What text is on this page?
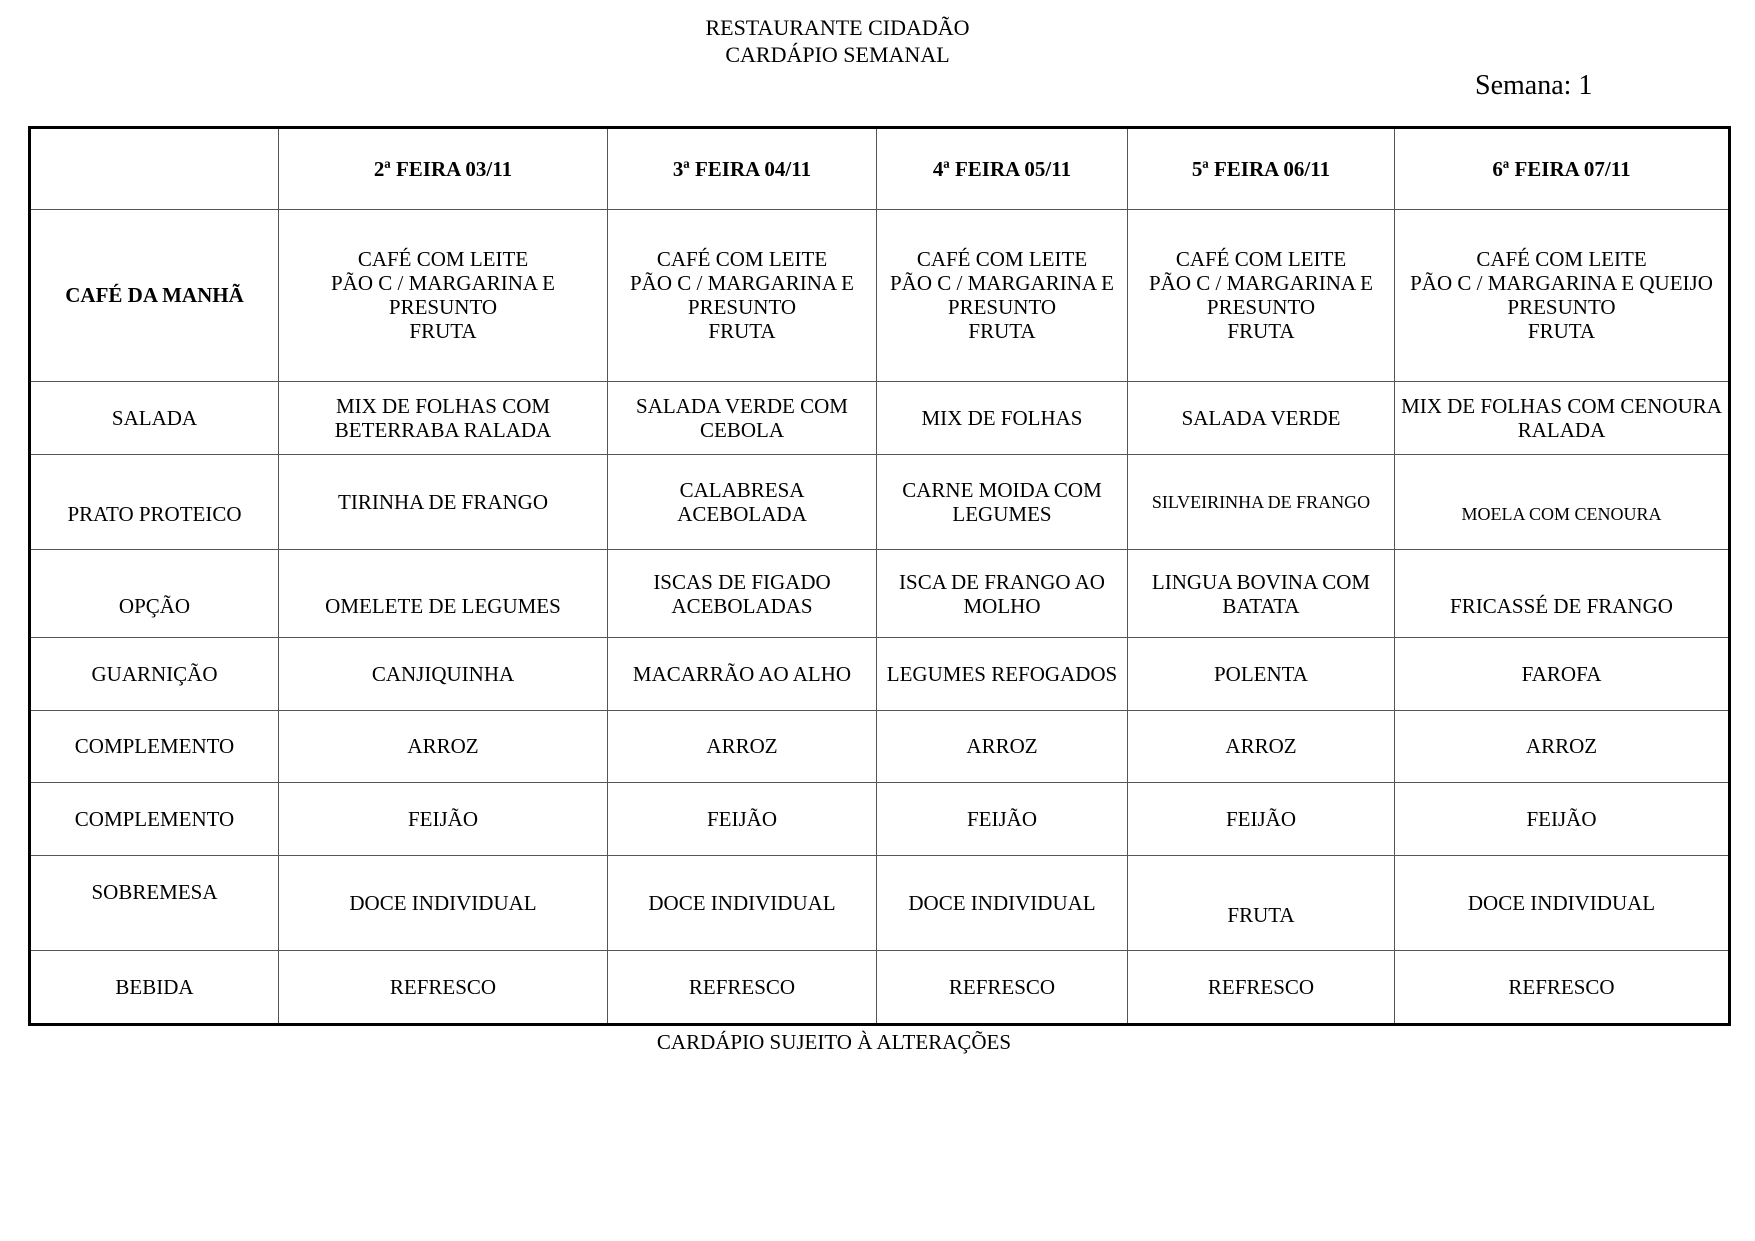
RESTAURANTE CIDADÃO
CARDÁPIO SEMANAL
Semana: 1
	2ª FEIRA 03/11	3ª FEIRA 04/11	4ª FEIRA 05/11	5ª FEIRA 06/11	6ª FEIRA 07/11
CAFÉ DA MANHÃ	CAFÉ COM LEITE
PÃO C / MARGARINA E
PRESUNTO
FRUTA	CAFÉ COM LEITE
PÃO C / MARGARINA E
PRESUNTO
FRUTA	CAFÉ COM LEITE
PÃO C / MARGARINA E
PRESUNTO
FRUTA	CAFÉ COM LEITE
PÃO C / MARGARINA E
PRESUNTO
FRUTA	CAFÉ COM LEITE
PÃO C / MARGARINA E QUEIJO
PRESUNTO
FRUTA

SALADA	MIX DE FOLHAS COM
BETERRABA RALADA	SALADA VERDE COM
CEBOLA	MIX DE FOLHAS	SALADA VERDE	MIX DE FOLHAS COM CENOURA
RALADA

PRATO PROTEICO	TIRINHA DE FRANGO	CALABRESA
ACEBOLADA	CARNE MOIDA COM
LEGUMES	SILVEIRINHA DE FRANGO	MOELA COM CENOURA

OPÇÃO	OMELETE DE LEGUMES	ISCAS DE FIGADO
ACEBOLADAS	ISCA DE FRANGO AO
MOLHO	LINGUA BOVINA COM
BATATA	FRICASSÉ DE FRANGO

GUARNIÇÃO	CANJIQUINHA	MACARRÃO AO ALHO	LEGUMES REFOGADOS	POLENTA	FAROFA
COMPLEMENTO	ARROZ	ARROZ	ARROZ	ARROZ	ARROZ
COMPLEMENTO	FEIJÃO	FEIJÃO	FEIJÃO	FEIJÃO	FEIJÃO
SOBREMESA	DOCE INDIVIDUAL	DOCE INDIVIDUAL	DOCE INDIVIDUAL	FRUTA	DOCE INDIVIDUAL
BEBIDA	REFRESCO	REFRESCO	REFRESCO	REFRESCO	REFRESCO
CARDÁPIO SUJEITO À ALTERAÇÕES
